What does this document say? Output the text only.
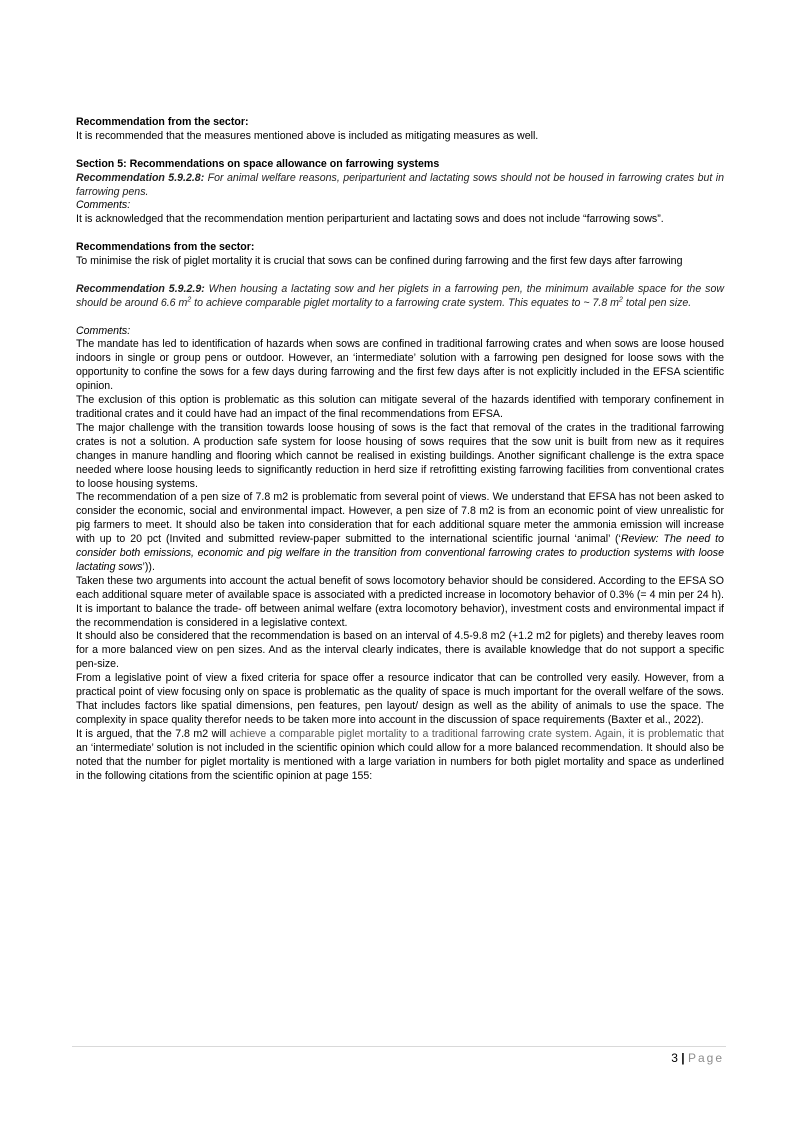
Recommendation from the sector:

It is recommended that the measures mentioned above is included as mitigating measures as well.

Section 5: Recommendations on space allowance on farrowing systems

Recommendation 5.9.2.8: For animal welfare reasons, periparturient and lactating sows should not be housed in farrowing crates but in farrowing pens.

Comments:

It is acknowledged that the recommendation mention periparturient and lactating sows and does not include “farrowing sows”.

Recommendations from the sector:

To minimise the risk of piglet mortality it is crucial that sows can be confined during farrowing and the first few days after farrowing

Recommendation 5.9.2.9: When housing a lactating sow and her piglets in a farrowing pen, the minimum available space for the sow should be around 6.6 $m^2$ to achieve comparable piglet mortality to a farrowing crate system. This equates to ~ 7.8 $m^2$ total pen size.

Comments:

The mandate has led to identification of hazards when sows are confined in traditional farrowing crates and when sows are loose housed indoors in single or group pens or outdoor. However, an ‘intermediate’ solution with a farrowing pen designed for loose sows with the opportunity to confine the sows for a few days during farrowing and the first few days after is not explicitly included in the EFSA scientific opinion.

The exclusion of this option is problematic as this solution can mitigate several of the hazards identified with temporary confinement in traditional crates and it could have had an impact of the final recommendations from EFSA.

The major challenge with the transition towards loose housing of sows is the fact that removal of the crates in the traditional farrowing crates is not a solution. A production safe system for loose housing of sows requires that the sow unit is built from new as it requires changes in manure handling and flooring which cannot be realised in existing buildings. Another significant challenge is the extra space needed where loose housing leeds to significantly reduction in herd size if retrofitting existing farrowing facilities from conventional crates to loose housing systems.

The recommendation of a pen size of 7.8 m2 is problematic from several point of views. We understand that EFSA has not been asked to consider the economic, social and environmental impact. However, a pen size of 7.8 m2 is from an economic point of view unrealistic for pig farmers to meet. It should also be taken into consideration that for each additional square meter the ammonia emission will increase with up to 20 pct (Invited and submitted review-paper submitted to the international scientific journal ‘animal’ (‘Review: The need to consider both emissions, economic and pig welfare in the transition from conventional farrowing crates to production systems with loose lactating sows’)).

Taken these two arguments into account the actual benefit of sows locomotory behavior should be considered. According to the EFSA SO each additional square meter of available space is associated with a predicted increase in locomotory behavior of 0.3% (= 4 min per 24 h). It is important to balance the trade- off between animal welfare (extra locomotory behavior), investment costs and environmental impact if the recommendation is considered in a legislative context.

It should also be considered that the recommendation is based on an interval of 4.5-9.8 m2 (+1.2 m2 for piglets) and thereby leaves room for a more balanced view on pen sizes. And as the interval clearly indicates, there is available knowledge that do not support a specific pen-size.

From a legislative point of view a fixed criteria for space offer a resource indicator that can be controlled very easily. However, from a practical point of view focusing only on space is problematic as the quality of space is much important for the overall welfare of the sows. That includes factors like spatial dimensions, pen features, pen layout/ design as well as the ability of animals to use the space. The complexity in space quality therefor needs to be taken more into account in the discussion of space requirements (Baxter et al., 2022).

It is argued, that the 7.8 m2 will achieve a comparable piglet mortality to a traditional farrowing crate system. Again, it is problematic that an ‘intermediate’ solution is not included in the scientific opinion which could allow for a more balanced recommendation. It should also be noted that the number for piglet mortality is mentioned with a large variation in numbers for both piglet mortality and space as underlined in the following citations from the scientific opinion at page 155:

3 | Page
